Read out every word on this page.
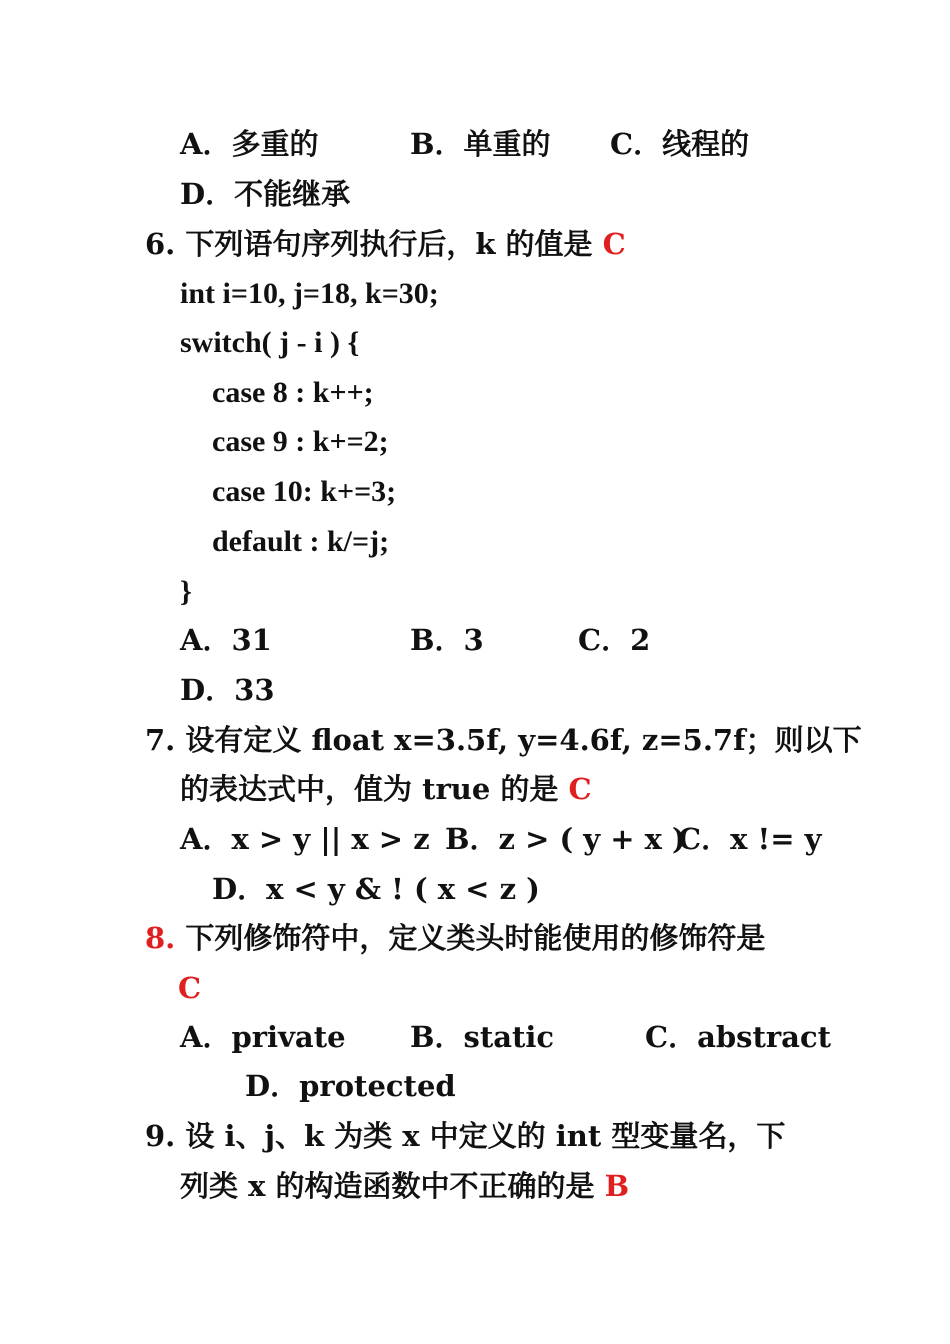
A．多重的	B．单重的 C．线程的
D．不能继承
6. 下列语句序列执行后，k 的值是 C
int i=10, j=18, k=30;
switch( j - i ) {
case 8 : k++;
case 9 : k+=2;
case 10: k+=3;
default : k/=j;
}
A．31	B．3	C．2
D．33
7. 设有定义 float x=3.5f, y=4.6f, z=5.7f；则以下
的表达式中，值为 true 的是 C
A．x > y || x > z B．z > ( y + x )
C．x != y
D．x < y & ! ( x < z )
8. 下列修饰符中，定义类头时能使用的修饰符是
C
A．private B．static	C．abstract
D．protected
9. 设 i、j、k 为类 x 中定义的 int 型变量名，下
列类 x 的构造函数中不正确的是 B
